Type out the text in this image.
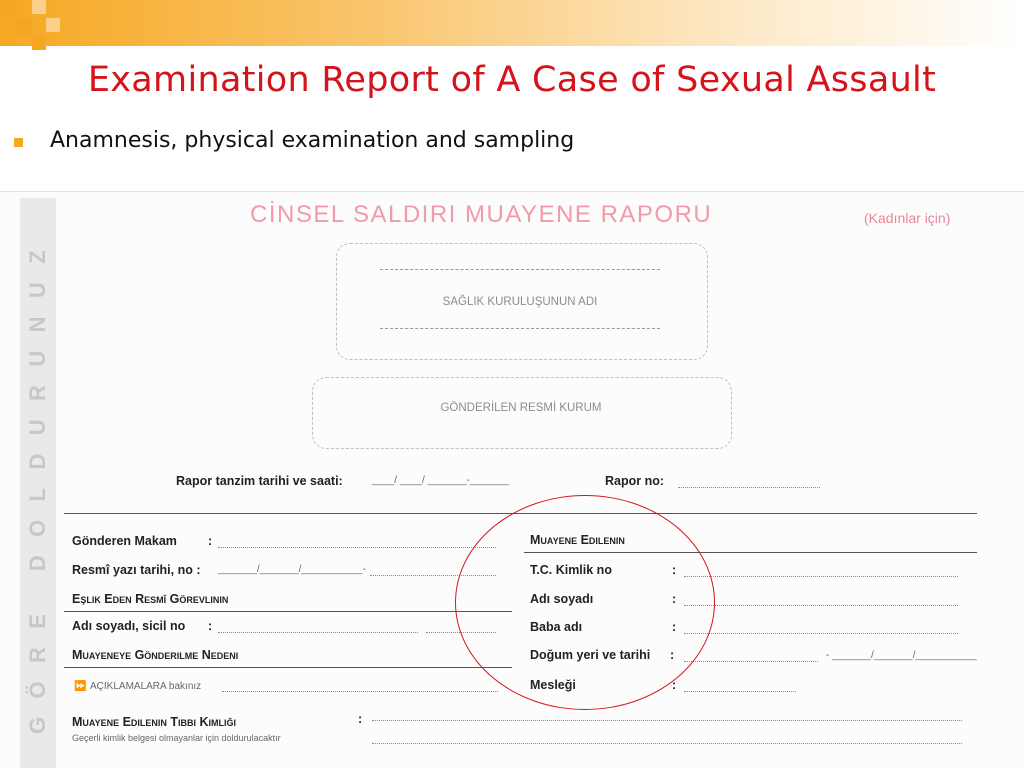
Examination Report of A Case of Sexual Assault
Anamnesis, physical examination and sampling
GÖRE DOLDURUNUZ
CİNSEL SALDIRI MUAYENE RAPORU	(Kadınlar için)
SAĞLIK KURULUŞUNUN ADI
GÖNDERİLEN RESMİ KURUM
Rapor tanzim tarihi ve saati:	____/ ____/ _______-_______	Rapor no:
Gönderen Makam :
Resmî yazı tarihi, no : _______/_______/___________-
Eşlik Eden Resmî Görevlinin
Adı soyadı, sicil no :
Muayeneye Gönderilme Nedeni
⏩ AÇIKLAMALARA bakınız
Muayene Edilenin Tıbbi Kimliği
Geçerli kimlik belgesi olmayanlar için doldurulacaktır
:
Muayene Edilenin
T.C. Kimlik no	:
Adı soyadı	:
Baba adı	:
Doğum yeri ve tarihi :	- _______/_______/___________
Mesleği	:
